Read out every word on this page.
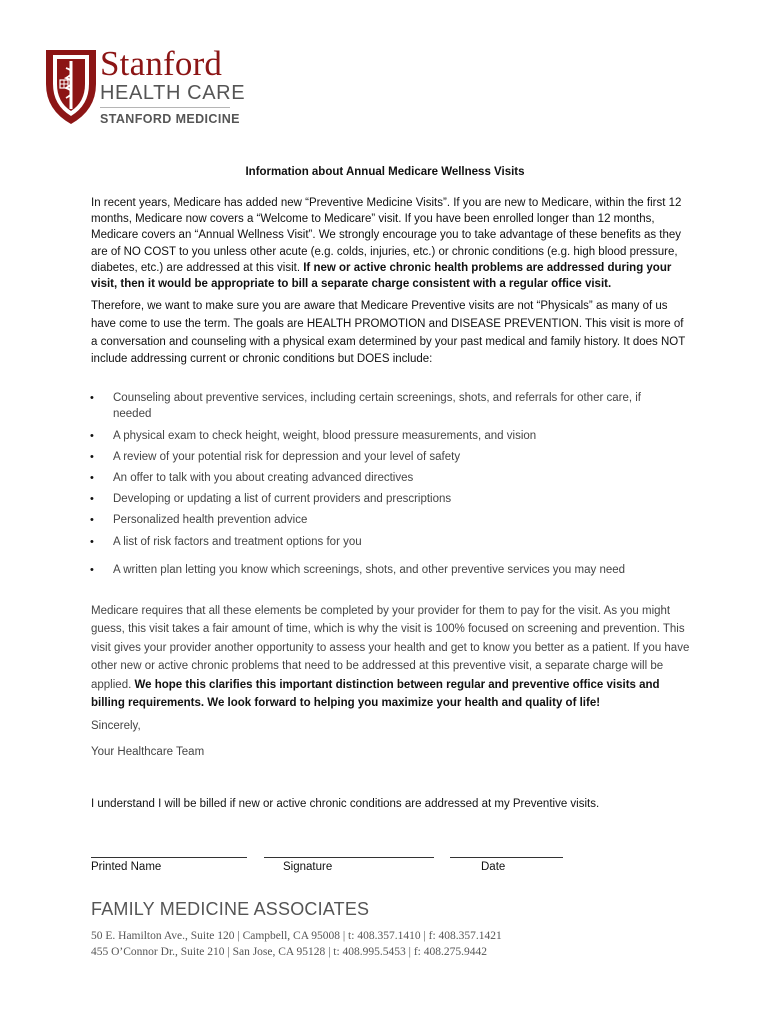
Stanford
HEALTH CARE
STANFORD MEDICINE
Information about Annual Medicare Wellness Visits
In recent years, Medicare has added new “Preventive Medicine Visits”. If you are new to Medicare, within the first 12 months, Medicare now covers a “Welcome to Medicare” visit. If you have been enrolled longer than 12 months, Medicare covers an “Annual Wellness Visit”. We strongly encourage you to take advantage of these benefits as they are of NO COST to you unless other acute (e.g. colds, injuries, etc.) or chronic conditions (e.g. high blood pressure, diabetes, etc.) are addressed at this visit. If new or active chronic health problems are addressed during your visit, then it would be appropriate to bill a separate charge consistent with a regular office visit.
Therefore, we want to make sure you are aware that Medicare Preventive visits are not “Physicals” as many of us have come to use the term. The goals are HEALTH PROMOTION and DISEASE PREVENTION. This visit is more of a conversation and counseling with a physical exam determined by your past medical and family history. It does NOT include addressing current or chronic conditions but DOES include:
• Counseling about preventive services, including certain screenings, shots, and referrals for other care, if needed
• A physical exam to check height, weight, blood pressure measurements, and vision
• A review of your potential risk for depression and your level of safety
• An offer to talk with you about creating advanced directives
• Developing or updating a list of current providers and prescriptions
• Personalized health prevention advice
• A list of risk factors and treatment options for you
• A written plan letting you know which screenings, shots, and other preventive services you may need
Medicare requires that all these elements be completed by your provider for them to pay for the visit. As you might guess, this visit takes a fair amount of time, which is why the visit is 100% focused on screening and prevention. This visit gives your provider another opportunity to assess your health and get to know you better as a patient. If you have other new or active chronic problems that need to be addressed at this preventive visit, a separate charge will be applied. We hope this clarifies this important distinction between regular and preventive office visits and billing requirements. We look forward to helping you maximize your health and quality of life!
Sincerely,
Your Healthcare Team
I understand I will be billed if new or active chronic conditions are addressed at my Preventive visits.
Printed Name	Signature	Date
FAMILY MEDICINE ASSOCIATES
50 E. Hamilton Ave., Suite 120 | Campbell, CA 95008 | t: 408.357.1410 | f: 408.357.1421
455 O’Connor Dr., Suite 210 | San Jose, CA 95128 | t: 408.995.5453 | f: 408.275.9442
